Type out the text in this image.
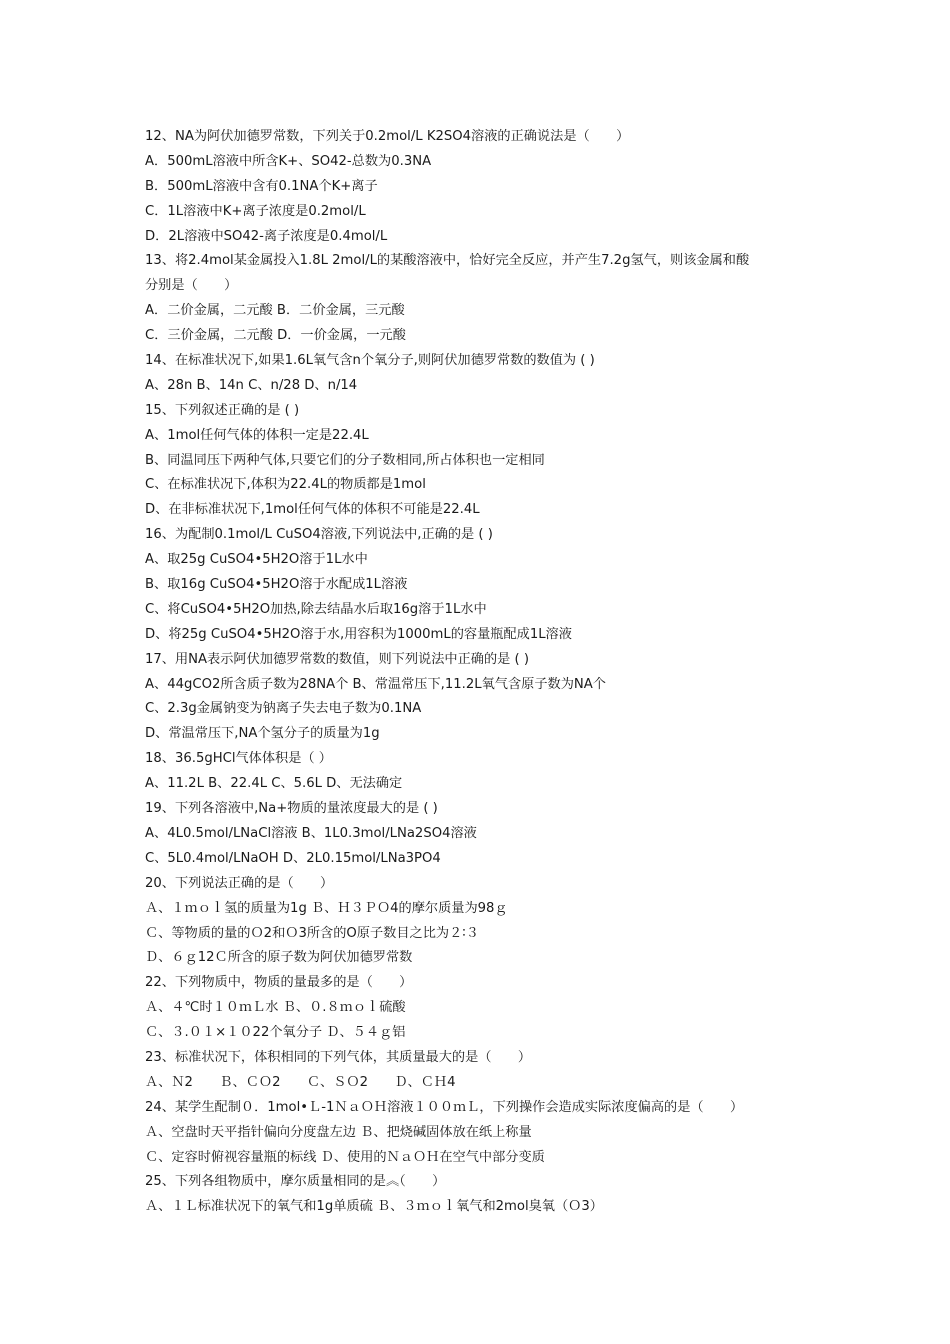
12、NA为阿伏加德罗常数，下列关于0.2mol/L K2SO4溶液的正确说法是（　　）
A．500mL溶液中所含K+、SO42-总数为0.3NA
B．500mL溶液中含有0.1NA个K+离子
C．1L溶液中K+离子浓度是0.2mol/L
D．2L溶液中SO42-离子浓度是0.4mol/L
13、将2.4mol某金属投入1.8L 2mol/L的某酸溶液中，恰好完全反应，并产生7.2g氢气，则该金属和酸
分别是（　　）
A．二价金属，二元酸 B．二价金属，三元酸
C．三价金属，二元酸 D．一价金属，一元酸
14、在标准状况下,如果1.6L氧气含n个氧分子,则阿伏加德罗常数的数值为 ( )
A、28n B、14n C、n/28 D、n/14
15、下列叙述正确的是 ( )
A、1mol任何气体的体积一定是22.4L
B、同温同压下两种气体,只要它们的分子数相同,所占体积也一定相同
C、在标准状况下,体积为22.4L的物质都是1mol
D、在非标准状况下,1mol任何气体的体积不可能是22.4L
16、为配制0.1mol/L CuSO4溶液,下列说法中,正确的是 ( )
A、取25g CuSO4•5H2O溶于1L水中
B、取16g CuSO4•5H2O溶于水配成1L溶液
C、将CuSO4•5H2O加热,除去结晶水后取16g溶于1L水中
D、将25g CuSO4•5H2O溶于水,用容积为1000mL的容量瓶配成1L溶液
17、用NA表示阿伏加德罗常数的数值，则下列说法中正确的是 ( )
A、44gCO2所含质子数为28NA个 B、常温常压下,11.2L氧气含原子数为NA个
C、2.3g金属钠变为钠离子失去电子数为0.1NA
D、常温常压下,NA个氢分子的质量为1g
18、36.5gHCl气体体积是（ ）
A、11.2L B、22.4L C、5.6L D、无法确定
19、下列各溶液中,Na+物质的量浓度最大的是 ( )
A、4L0.5mol/LNaCl溶液 B、1L0.3mol/LNa2SO4溶液
C、5L0.4mol/LNaOH D、2L0.15mol/LNa3PO4
20、下列说法正确的是（　　）
Ａ、１ｍｏｌ氢的质量为1g Ｂ、Ｈ３ＰＯ4的摩尔质量为98ｇ
Ｃ、等物质的量的Ｏ2和Ｏ3所含的O原子数目之比为２∶３
Ｄ、６ｇ12Ｃ所含的原子数为阿伏加德罗常数
22、下列物质中，物质的量最多的是（　　）
Ａ、４℃时１０ｍＬ水 Ｂ、０.８ｍｏｌ硫酸
Ｃ、３.０１×１０22个氧分子 Ｄ、５４ｇ铝
23、标准状况下，体积相同的下列气体，其质量最大的是（　　）
Ａ、Ｎ2　　Ｂ、ＣＯ2　　Ｃ、ＳＯ2　　Ｄ、ＣＨ4
24、某学生配制０．1mol•Ｌ-1ＮａＯＨ溶液１００ｍＬ，下列操作会造成实际浓度偏高的是（　　）
Ａ、空盘时天平指针偏向分度盘左边 Ｂ、把烧碱固体放在纸上称量
Ｃ、定容时俯视容量瓶的标线 Ｄ、使用的ＮａＯＨ在空气中部分变质
25、下列各组物质中，摩尔质量相同的是︽（　　）
Ａ、１Ｌ标准状况下的氧气和1g单质硫 Ｂ、３ｍｏｌ氧气和2mol臭氧（Ｏ3）
